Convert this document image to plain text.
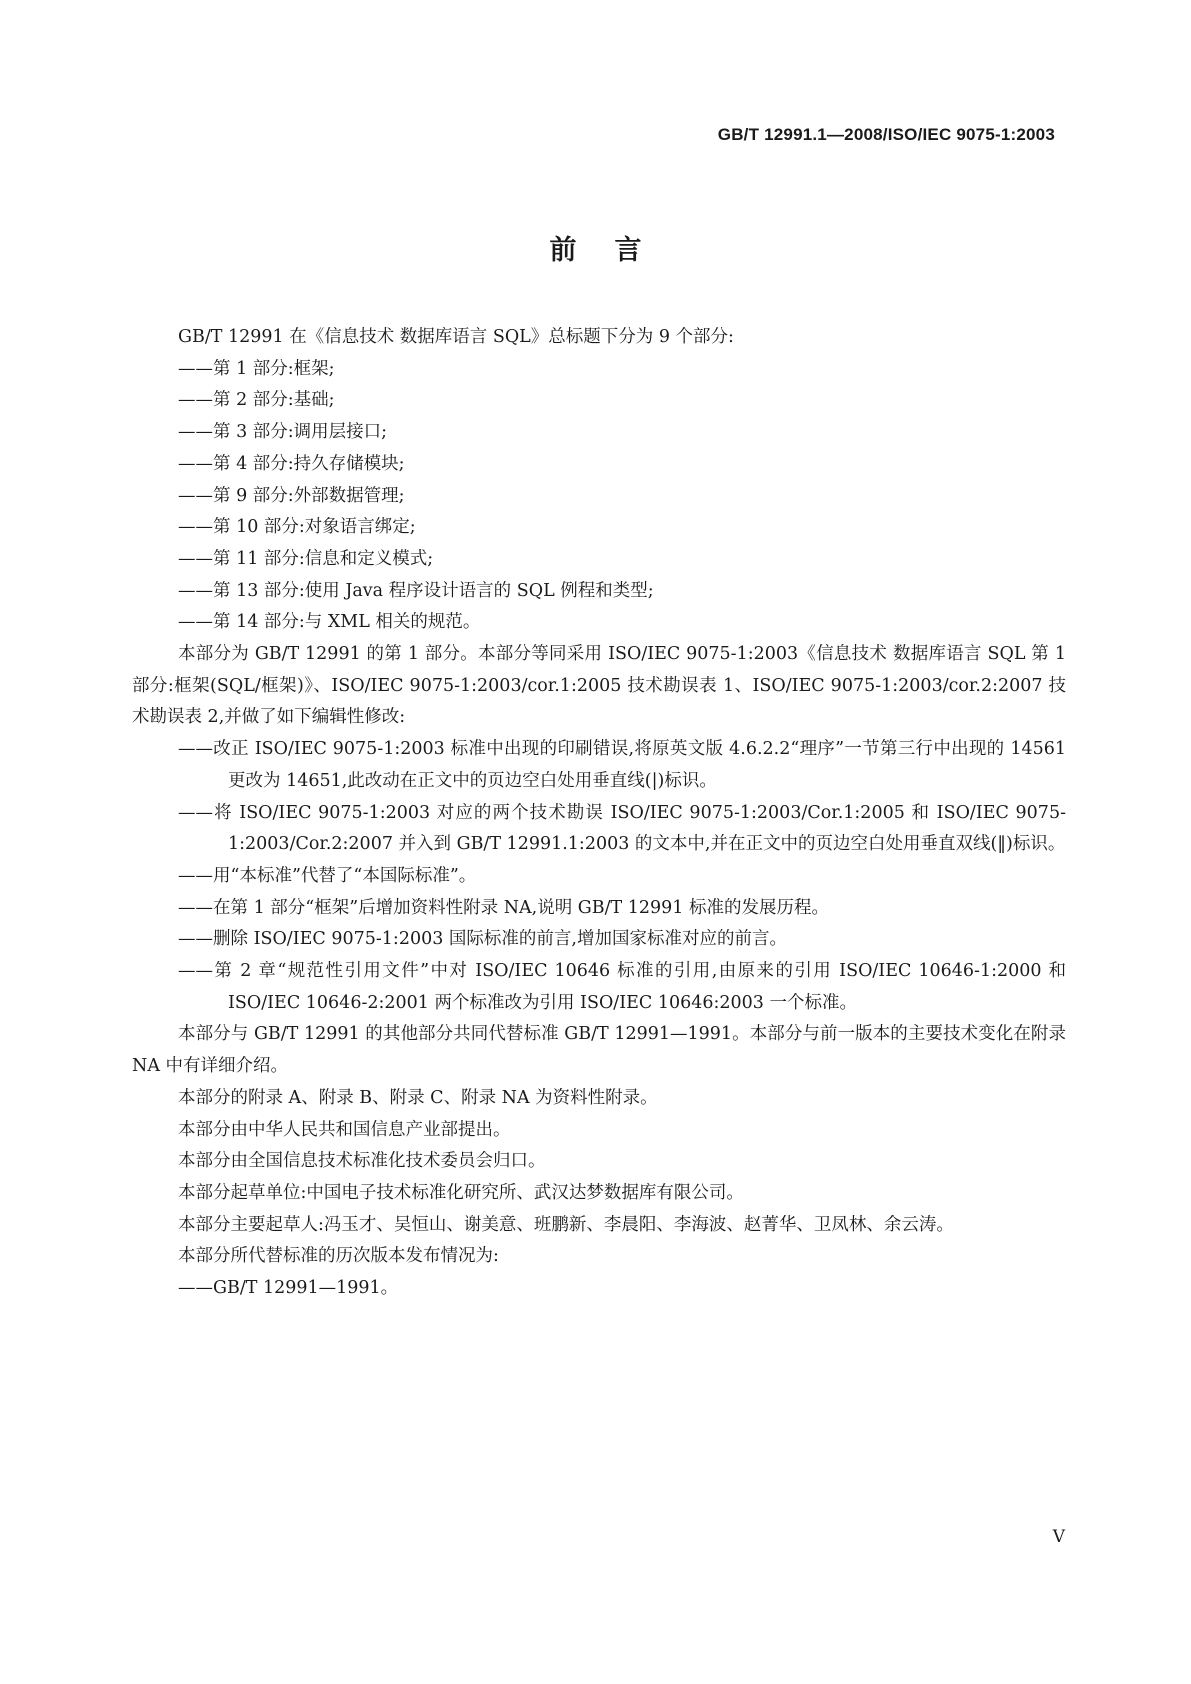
GB/T 12991.1—2008/ISO/IEC 9075-1:2003

前言

GB/T 12991 在《信息技术 数据库语言 SQL》总标题下分为 9 个部分:

——第 1 部分:框架;

——第 2 部分:基础;

——第 3 部分:调用层接口;

——第 4 部分:持久存储模块;

——第 9 部分:外部数据管理;

——第 10 部分:对象语言绑定;

——第 11 部分:信息和定义模式;

——第 13 部分:使用 Java 程序设计语言的 SQL 例程和类型;

——第 14 部分:与 XML 相关的规范。

本部分为 GB/T 12991 的第 1 部分。本部分等同采用 ISO/IEC 9075-1:2003《信息技术 数据库语言 SQL 第 1 部分:框架(SQL/框架)》、ISO/IEC 9075-1:2003/cor.1:2005 技术勘误表 1、ISO/IEC 9075-1:2003/cor.2:2007 技术勘误表 2,并做了如下编辑性修改:

——改正 ISO/IEC 9075-1:2003 标准中出现的印刷错误,将原英文版 4.6.2.2“理序”一节第三行中出现的 14561 更改为 14651,此改动在正文中的页边空白处用垂直线(|)标识。

——将 ISO/IEC 9075-1:2003 对应的两个技术勘误 ISO/IEC 9075-1:2003/Cor.1:2005 和 ISO/IEC 9075-1:2003/Cor.2:2007 并入到 GB/T 12991.1:2003 的文本中,并在正文中的页边空白处用垂直双线(‖)标识。

——用“本标准”代替了“本国际标准”。

——在第 1 部分“框架”后增加资料性附录 NA,说明 GB/T 12991 标准的发展历程。

——删除 ISO/IEC 9075-1:2003 国际标准的前言,增加国家标准对应的前言。

——第 2 章“规范性引用文件”中对 ISO/IEC 10646 标准的引用,由原来的引用 ISO/IEC 10646-1:2000 和 ISO/IEC 10646-2:2001 两个标准改为引用 ISO/IEC 10646:2003 一个标准。

本部分与 GB/T 12991 的其他部分共同代替标准 GB/T 12991—1991。本部分与前一版本的主要技术变化在附录 NA 中有详细介绍。

本部分的附录 A、附录 B、附录 C、附录 NA 为资料性附录。

本部分由中华人民共和国信息产业部提出。

本部分由全国信息技术标准化技术委员会归口。

本部分起草单位:中国电子技术标准化研究所、武汉达梦数据库有限公司。

本部分主要起草人:冯玉才、吴恒山、谢美意、班鹏新、李晨阳、李海波、赵菁华、卫凤林、余云涛。

本部分所代替标准的历次版本发布情况为:

——GB/T 12991—1991。

V
